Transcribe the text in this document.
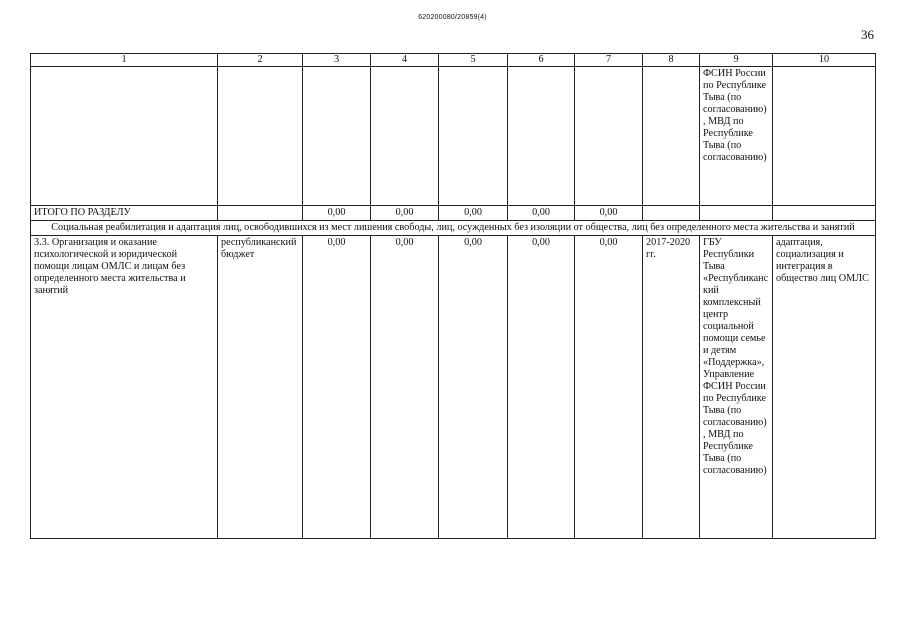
620200080/20859(4)
36
1	2	3	4	5	6	7	8	9	10
								ФСИН России по Республике Тыва (по согласованию), МВД по Республике Тыва (по согласованию)	
ИТОГО ПО РАЗДЕЛУ		0,00	0,00	0,00	0,00	0,00			
Социальная реабилитация и адаптация лиц, освободившихся из мест лишения свободы, лиц, осужденных без изоляции от общества, лиц без определенного места жительства и занятий									
3.3. Организация и оказание психологической и юридической помощи лицам ОМЛС и лицам без определенного места жительства и занятий	республиканский бюджет	0,00	0,00	0,00	0,00	0,00	2017-2020 гг.	ГБУ Республики Тыва «Республиканский комплексный центр социальной помощи семье и детям «Поддержка», Управление ФСИН России по Республике Тыва (по согласованию), МВД по Республике Тыва (по согласованию)	адаптация, социализация и интеграция в общество лиц ОМЛС
